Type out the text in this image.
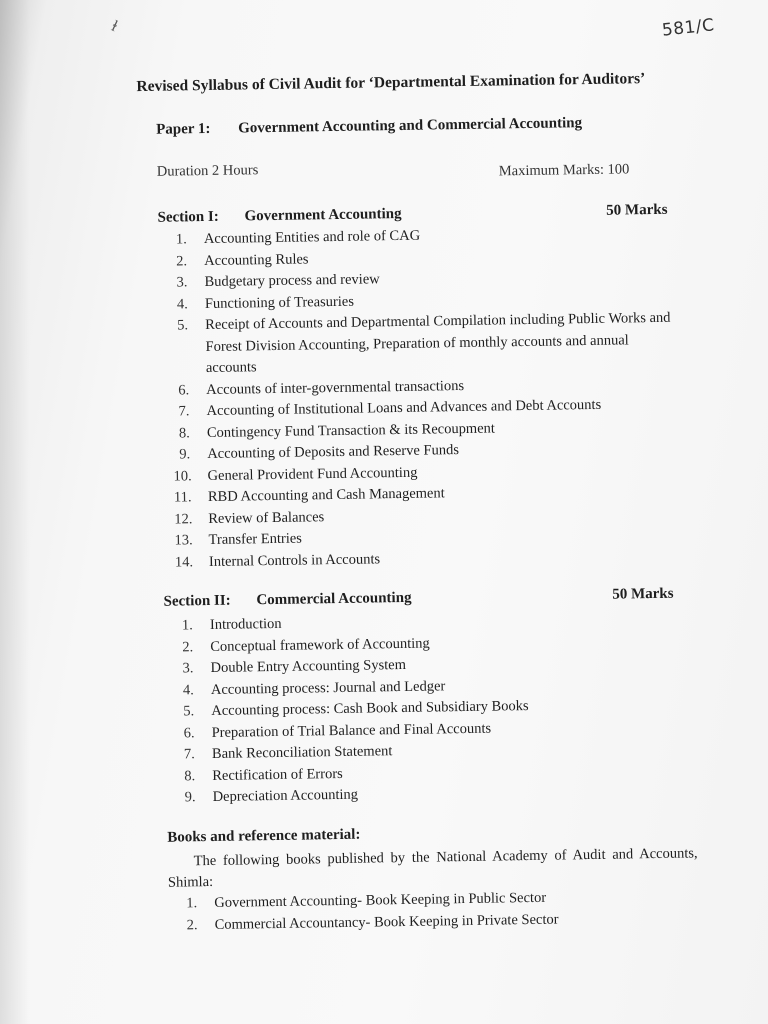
ⱡ	581/C
Revised Syllabus of Civil Audit for ‘Departmental Examination for Auditors’
Paper 1: Government Accounting and Commercial Accounting
Duration 2 Hours	Maximum Marks: 100
Section I: Government Accounting	50 Marks
1.	Accounting Entities and role of CAG
2.	Accounting Rules
3.	Budgetary process and review
4.	Functioning of Treasuries
5.	Receipt of Accounts and Departmental Compilation including Public Works and Forest Division Accounting, Preparation of monthly accounts and annual accounts
6.	Accounts of inter-governmental transactions
7.	Accounting of Institutional Loans and Advances and Debt Accounts
8.	Contingency Fund Transaction & its Recoupment
9.	Accounting of Deposits and Reserve Funds
10.	General Provident Fund Accounting
11.	RBD Accounting and Cash Management
12.	Review of Balances
13.	Transfer Entries
14.	Internal Controls in Accounts
Section II: Commercial Accounting	50 Marks
1.	Introduction
2.	Conceptual framework of Accounting
3.	Double Entry Accounting System
4.	Accounting process: Journal and Ledger
5.	Accounting process: Cash Book and Subsidiary Books
6.	Preparation of Trial Balance and Final Accounts
7.	Bank Reconciliation Statement
8.	Rectification of Errors
9.	Depreciation Accounting
Books and reference material:
The following books published by the National Academy of Audit and Accounts, Shimla:
1.	Government Accounting- Book Keeping in Public Sector
2.	Commercial Accountancy- Book Keeping in Private Sector
